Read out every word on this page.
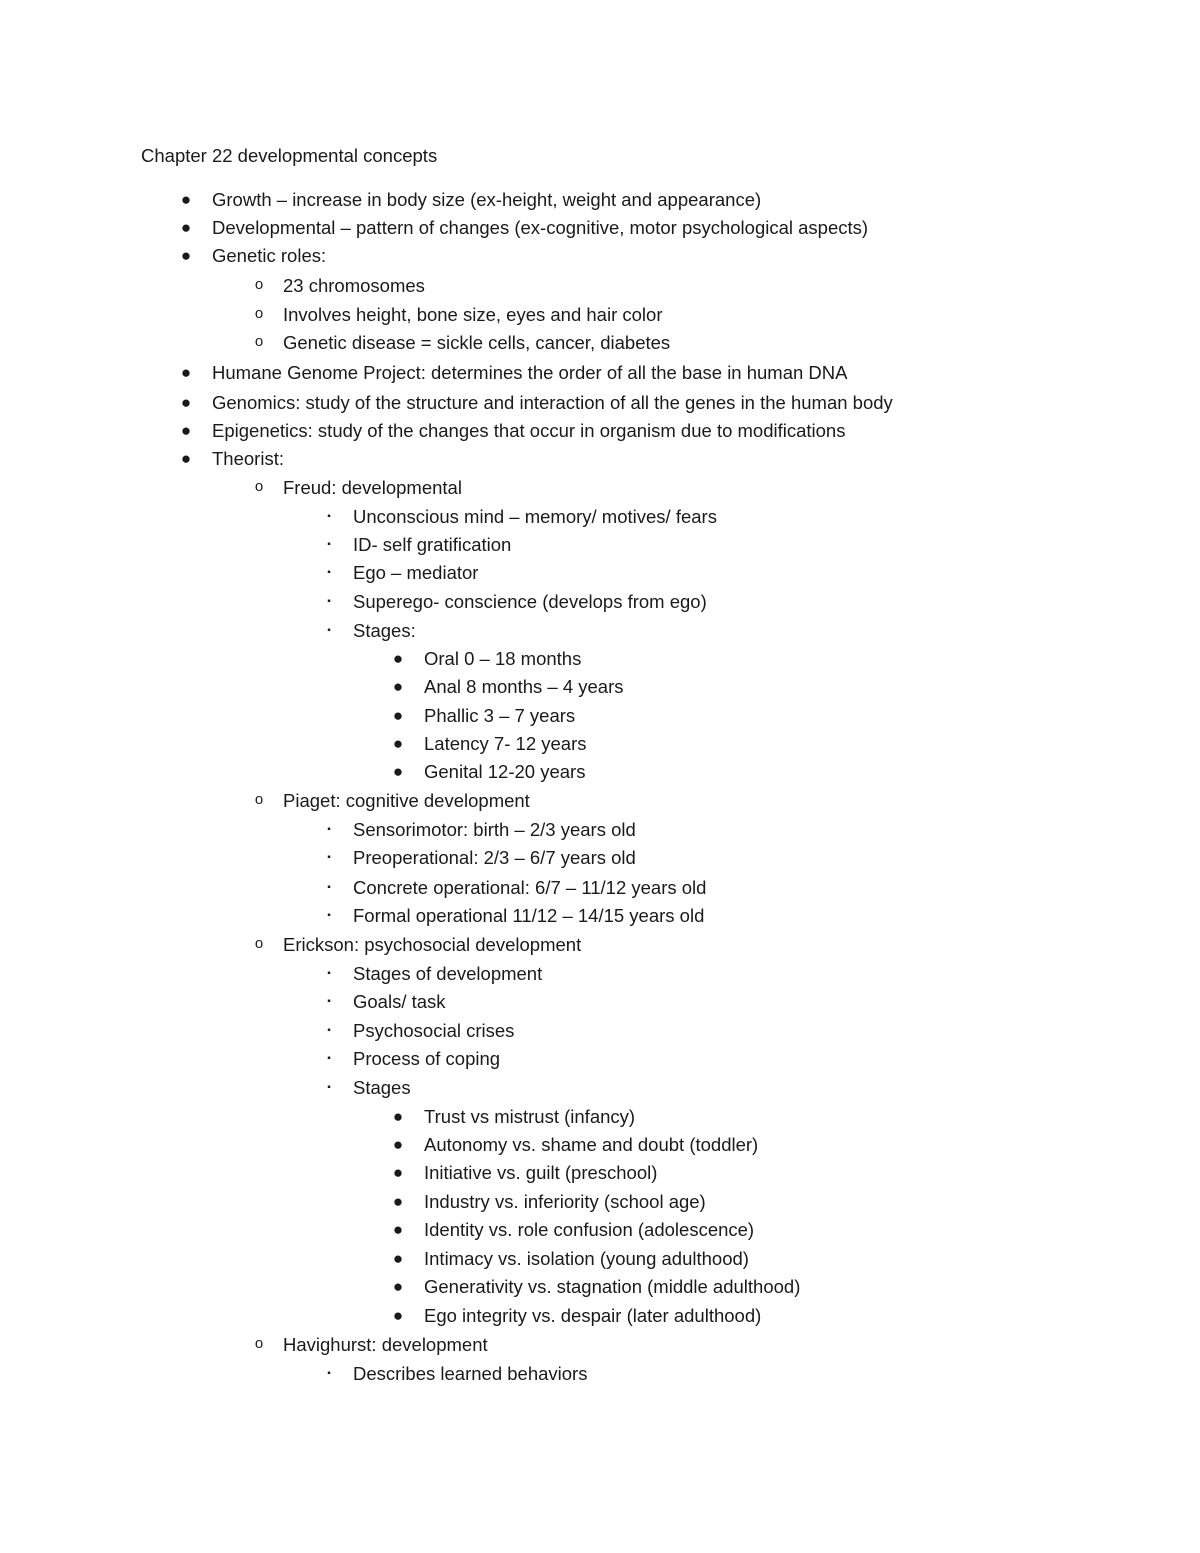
Chapter 22 developmental concepts
● Growth – increase in body size (ex-height, weight and appearance)
● Developmental – pattern of changes (ex-cognitive, motor psychological aspects)
● Genetic roles:
o	23 chromosomes
o	Involves height, bone size, eyes and hair color
o	Genetic disease = sickle cells, cancer, diabetes
● Humane Genome Project: determines the order of all the base in human DNA
● Genomics: study of the structure and interaction of all the genes in the human body
● Epigenetics: study of the changes that occur in organism due to modifications
● Theorist:
o	Freud: developmental
▪	Unconscious mind – memory/ motives/ fears
▪	ID- self gratification
▪	Ego – mediator
▪	Superego- conscience (develops from ego)
▪	Stages:
● Oral 0 – 18 months
● Anal 8 months – 4 years
● Phallic 3 – 7 years
● Latency 7- 12 years
● Genital 12-20 years
o	Piaget: cognitive development
▪	Sensorimotor: birth – 2/3 years old
▪	Preoperational: 2/3 – 6/7 years old
▪	Concrete operational: 6/7 – 11/12 years old
▪	Formal operational 11/12 – 14/15 years old
o	Erickson: psychosocial development
▪	Stages of development
▪	Goals/ task
▪	Psychosocial crises
▪	Process of coping
▪	Stages
● Trust vs mistrust (infancy)
● Autonomy vs. shame and doubt (toddler)
● Initiative vs. guilt (preschool)
● Industry vs. inferiority (school age)
● Identity vs. role confusion (adolescence)
● Intimacy vs. isolation (young adulthood)
● Generativity vs. stagnation (middle adulthood)
● Ego integrity vs. despair (later adulthood)
o	Havighurst: development
▪	Describes learned behaviors
